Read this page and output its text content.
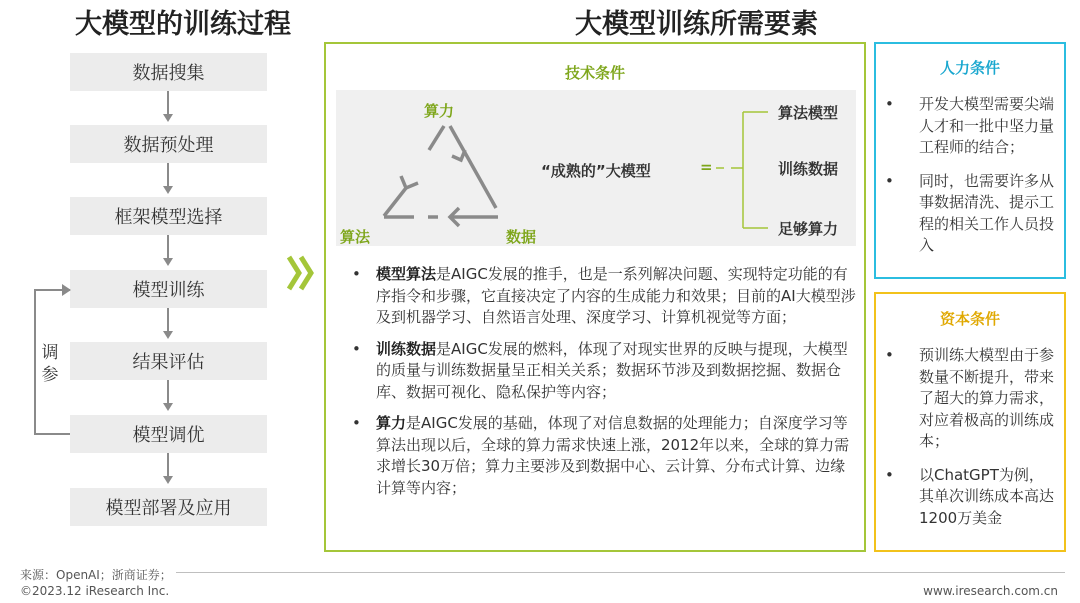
大模型的训练过程	大模型训练所需要素
数据搜集
数据预处理
框架模型选择
模型训练
结果评估
模型调优
模型部署及应用
调参
技术条件
算力
算法	数据
“成熟的”大模型	=
算法模型
训练数据
足够算力
• 模型算法是AIGC发展的推手，也是一系列解决问题、实现特定功能的有序指令和步骤，它直接决定了内容的生成能力和效果；目前的AI大模型涉及到机器学习、自然语言处理、深度学习、计算机视觉等方面；
• 训练数据是AIGC发展的燃料，体现了对现实世界的反映与提现，大模型的质量与训练数据量呈正相关关系；数据环节涉及到数据挖掘、数据仓库、数据可视化、隐私保护等内容；
• 算力是AIGC发展的基础，体现了对信息数据的处理能力；自深度学习等算法出现以后，全球的算力需求快速上涨，2012年以来，全球的算力需求增长30万倍；算力主要涉及到数据中心、云计算、分布式计算、边缘计算等内容；
人力条件
• 开发大模型需要尖端人才和一批中坚力量工程师的结合；
• 同时，也需要许多从事数据清洗、提示工程的相关工作人员投入
资本条件
• 预训练大模型由于参数量不断提升，带来了超大的算力需求，对应着极高的训练成本；
• 以ChatGPT为例，其单次训练成本高达1200万美金
来源：OpenAI；浙商证券；
©2023.12 iResearch Inc.	www.iresearch.com.cn
